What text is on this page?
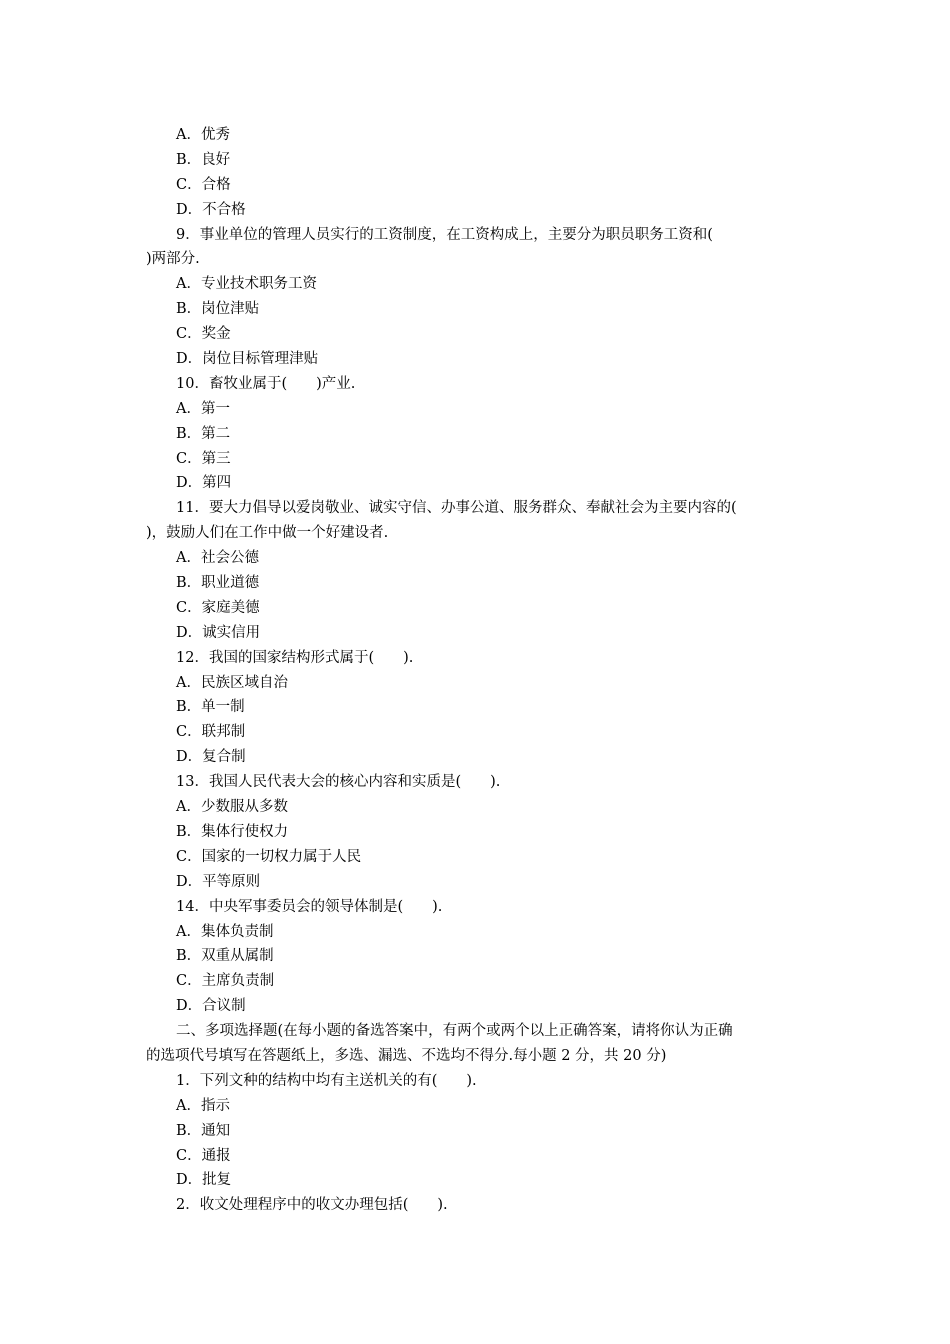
A．优秀
B．良好
C．合格
D．不合格
9．事业单位的管理人员实行的工资制度，在工资构成上，主要分为职员职务工资和(
)两部分.
A．专业技术职务工资
B．岗位津贴
C．奖金
D．岗位目标管理津贴
10．畜牧业属于(　　)产业.
A．第一
B．第二
C．第三
D．第四
11．要大力倡导以爱岗敬业、诚实守信、办事公道、服务群众、奉献社会为主要内容的(
)，鼓励人们在工作中做一个好建设者.
A．社会公德
B．职业道德
C．家庭美德
D．诚实信用
12．我国的国家结构形式属于(　　).
A．民族区域自治
B．单一制
C．联邦制
D．复合制
13．我国人民代表大会的核心内容和实质是(　　).
A．少数服从多数
B．集体行使权力
C．国家的一切权力属于人民
D．平等原则
14．中央军事委员会的领导体制是(　　).
A．集体负责制
B．双重从属制
C．主席负责制
D．合议制
二、多项选择题(在每小题的备选答案中，有两个或两个以上正确答案，请将你认为正确
的选项代号填写在答题纸上，多选、漏选、不选均不得分.每小题 2 分，共 20 分)
1．下列文种的结构中均有主送机关的有(　　).
A．指示
B．通知
C．通报
D．批复
2．收文处理程序中的收文办理包括(　　).
